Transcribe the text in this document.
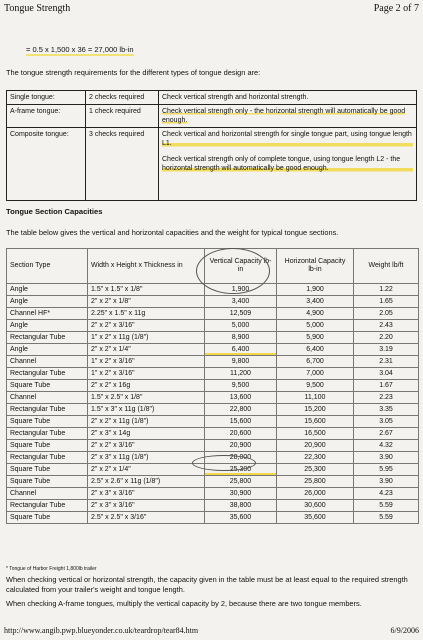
Tongue Strength	Page 2 of 7
= 0.5 x 1,500 x 36 = 27,000 lb-in
The tongue strength requirements for the different types of tongue design are:
Single tongue:	2 checks required	Check vertical strength and horizontal strength.
A-frame tongue:	1 check required	Check vertical strength only - the horizontal strength will automatically be good enough.
Composite tongue:	3 checks required	Check vertical and horizontal strength for single tongue part, using tongue length L1.
Check vertical strength only of complete tongue, using tongue length L2 - the horizontal strength will automatically be good enough.
Tongue Section Capacities
The table below gives the vertical and horizontal capacities and the weight for typical tongue sections.
Section Type	Width x Height x Thickness in	Vertical Capacity lb-in	Horizontal Capacity lb-in	Weight lb/ft
Angle	1.5" x 1.5" x 1/8"	1,900	1,900	1.22
Angle	2" x 2" x 1/8"	3,400	3,400	1.65
Channel HF*	2.25" x 1.5" x 11g	12,509	4,900	2.05
Angle	2" x 2" x 3/16"	5,000	5,000	2.43
Rectangular Tube	1" x 2" x 11g (1/8")	8,900	5,900	2.20
Angle	2" x 2" x 1/4"	6,400	6,400	3.19
Channel	1" x 2" x 3/16"	9,800	6,700	2.31
Rectangular Tube	1" x 2" x 3/16"	11,200	7,000	3.04
Square Tube	2" x 2" x 16g	9,500	9,500	1.67
Channel	1.5" x 2.5" x 1/8"	13,600	11,100	2.23
Rectangular Tube	1.5" x 3" x 11g (1/8")	22,800	15,200	3.35
Square Tube	2" x 2" x 11g (1/8")	15,600	15,600	3.05
Rectangular Tube	2" x 3" x 14g	20,600	16,500	2.67
Square Tube	2" x 2" x 3/16"	20,900	20,900	4.32
Rectangular Tube	2" x 3" x 11g (1/8")	28,000	22,300	3.90
Square Tube	2" x 2" x 1/4"	25,300	25,300	5.95
Square Tube	2.5" x 2.6" x 11g (1/8")	25,800	25,800	3.90
Channel	2" x 3" x 3/16"	30,900	26,000	4.23
Rectangular Tube	2" x 3" x 3/16"	38,800	30,600	5.59
Square Tube	2.5" x 2.5" x 3/16"	35,600	35,600	5.59
* Tongue of Harbor Freight 1,800lb trailer
When checking vertical or horizontal strength, the capacity given in the table must be at least equal to the required strength calculated from your trailer's weight and tongue length.
When checking A-frame tongues, multiply the vertical capacity by 2, because there are two tongue members.
http://www.angib.pwp.blueyonder.co.uk/teardrop/tear84.htm	6/9/2006
